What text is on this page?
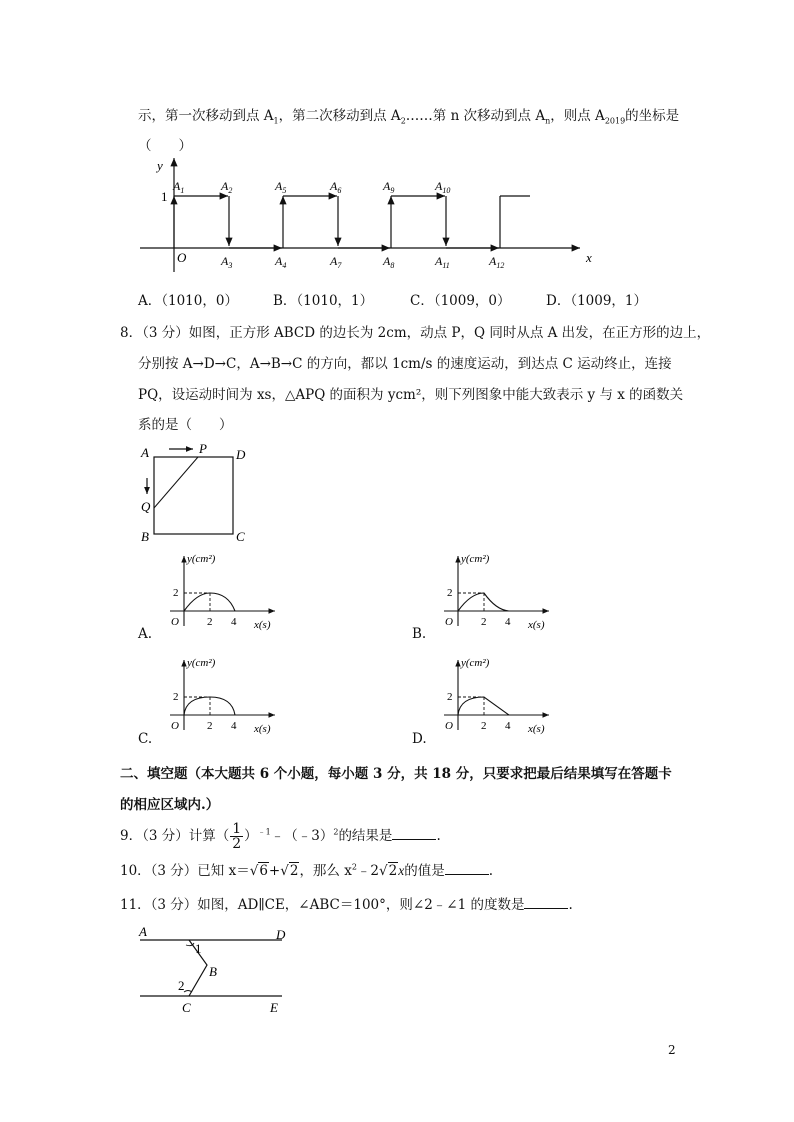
示，第一次移动到点 $A_1$，第二次移动到点 $A_2\dots\dots$第 n 次移动到点 $A_n$，则点 $A_{2019}$的坐标是
（　　）
y
x
O
1
$A_1$	$A_2$	$A_5$	$A_6$	$A_9$	$A_{10}$
$A_3$	$A_4$	$A_7$	$A_8$	$A_{11}$	$A_{12}$
A．（1010，0）	B．（1010，1）	C．（1009，0）	D．（1009，1）
8．（3 分）如图，正方形 ABCD 的边长为 2cm，动点 P，Q 同时从点 A 出发，在正方形的边上，
分别按 A→D→C，A→B→C 的方向，都以 1cm/s 的速度运动，到达点 C 运动终止，连接
PQ，设运动时间为 xs，△APQ 的面积为 ycm²，则下列图象中能大致表示 y 与 x 的函数关
系的是（　　）
A	P D
Q
B	C
y(cm²)
2
O	2 4 x(s)
A.
y(cm²)
2
O	2 4 x(s)
B.
y(cm²)
2
O	2 4 x(s)
C.
y(cm²)
2
O	2 4 x(s)
D.
二、填空题（本大题共 6 个小题，每小题 3 分，共 18 分，只要求把最后结果填写在答题卡
的相应区域内.）
9．（3 分）计算（ $\frac{1}{2}$ ）$^{﹣1}$﹣（﹣3）$^2$的结果是	.
10．（3 分）已知 x＝√6+√2，那么 $x^2﹣2√2x$的值是	.
11．（3 分）如图，AD∥CE，∠ABC＝100°，则∠2﹣∠1 的度数是	.
A	D
1
B
2
C	E
2
